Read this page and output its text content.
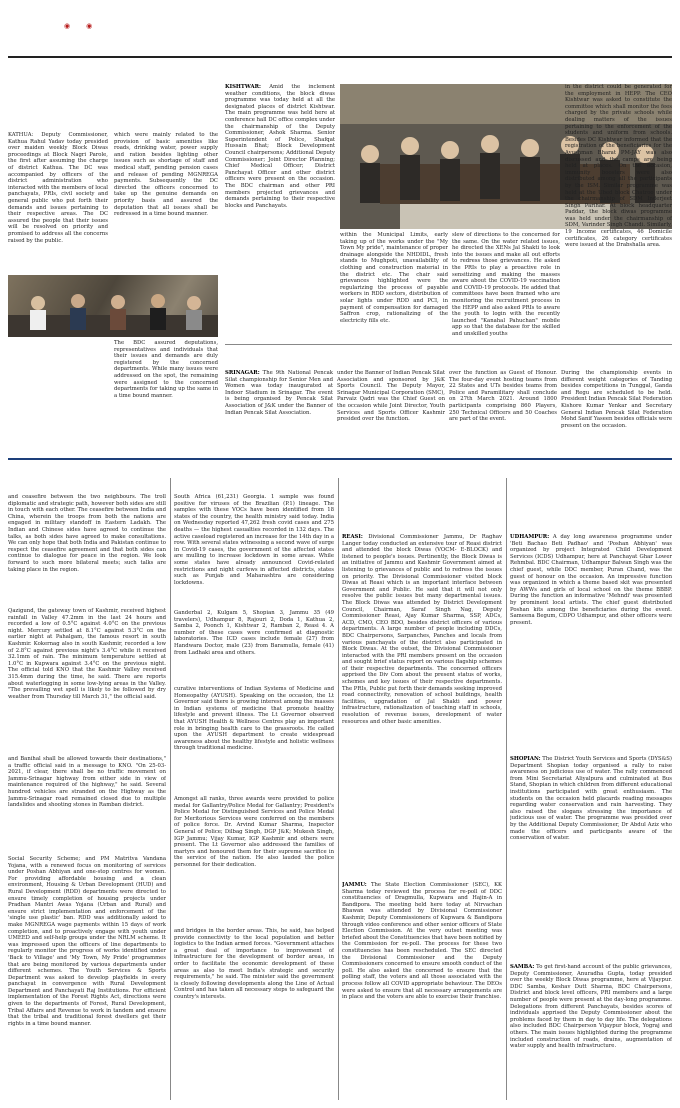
◉ ◉
KATHUA: Deputy Commissioner, Kathua Rahul Yadav today presided over maiden weekly Block Diwas proceedings at Block Nagri Parole, the first after assuming the charge of district Kathua. The DC was accompanied by officers of the district administration who interacted with the members of local panchayats, PRIs, civil society and general public who put forth their demands and issues pertaining to their respective areas. The DC assured the people that their issues will be resolved on priority and promised to address all the concerns raised by the public.
which were mainly related to the provision of basic amenities like roads, drinking water, power supply and ration besides lighting other issues such as shortage of staff and medical staff, pending pension cases and release of pending MGNREGA payments. Subsequently the DC directed the officers concerned to take up the genuine demands on priority basis and assured the deputation that all issues shall be redressed in a time bound manner.
The BDC assured deputations, representatives and individuals that their issues and demands are duly registered by the concerned departments. While many issues were addressed on the spot, the remaining were assigned to the concerned departments for taking up the same in a time bound manner.
KISHTWAR: Amid the inclement weather conditions, the block diwas programme was today held at all the designated places of district Kishtwar. The main programme was held here at conference hall DC office complex under the chairmanship of the Deputy Commissioner, Ashok Sharma. Senior Superintendent of Police, Shafqat Hussain Bhat; Block Development Council chairpersons; Additional Deputy Commissioner; Joint Director Planning; Chief Medical Officer; District Panchayat Officer and other district officers were present on the occasion. The BDC chairman and other PRI members projected grievances and demands pertaining to their respective blocks and Panchayats.
within the Municipal Limits, early taking up of the works under the "My Town My pride", maintenance of proper drainage alongside the NHDIDL, fresh stands to Mughpoti, unavailability of clothing and construction material in the district etc. The chair said grievances highlighted were the regularizing the process of payable workers in RDD sectors, distribution of solar lights under RDD and PCI, in payment of compensation for damaged Saffron crop, rationalizing of the electricity fills etc.
slew of directions to the concerned for the same. On the water related issues, he directed the XENs Jal Shakti to look into the issues and make all out efforts to redress those grievances. He asked the PRIs to play a proactive role in sensitizing and making the masses aware about the COVID-19 vaccination and COVID-19 protocols. He added that committees have been framed who are monitoring the recruitment process in the HEPP and also asked PRIs to aware the youth to login with the recently launched "Kanahal Pahuchan" mobile app so that the database for the skilled and unskilled youths
in the district could be generated for the employment in HEPP. The CEO Kishtwar was asked to constitute the committee which shall monitor the fees charged by the private schools while dealing matters of the issues pertaining to the enforcement of the students and uniform from schools. Besides DC Kishtwar informed that the registration of the beneficiaries for the Ayushman Bharat PM-JAY was also discussed and the camps are being held at places. On the occasion, immunity boosters were also distributed among all the participants by the ISM. Similar programme was held at the Ubed block Chatroo under the chairmanship of SDM Inderjeet Singh Parihar. At block headquarter Paddar, the block diwas programme was held under the chairmanship of SDM, Varinder Singh Chandi. Similarly, 19 Income certificates, 46 Domicile certificates, 26 category certificates were issued at the Drabshalla area.
SRINAGAR: The 9th National Pencak Silat championship for Senior Men and Women was today inaugurated at Indoor Stadium in Srinagar. The event is being organised by Pencak Silat Association of J&K under the Banner of Indian Pencak Silat Association.
under the Banner of Indian Pencak Silat Association and sponsored by J&K Sports Council. The Deputy Mayor, Srinagar Municipal Corporation (SMC), Parvaiz Qadri was the Chief Guest on the occasion while Joint Director, Youth Services and Sports Officer Kashmir presided over the function.
over the function as Guest of Honour. The four-day event hosting teams from 22 States and UTs besides teams from Police and Paramilitary shall conclude on 27th March 2021. Around 1800 participants comprising 860 Players, 250 Technical Officers and 50 Coaches are part of the event.
During the championship events in different weight categories of Tanding besides competitions in Tunggal, Ganda and Regu are scheduled to be held. President Indian Pencak Silat Federation Kishore Kumar Yenkar and Secretary General Indian Pencak Silat Federation Mohd Sanif Yaseen besides officials were present on the occasion.
and ceasefire between the two neighbours. The troll diplomatic and strategic path, however both sides are still in touch with each other. The ceasefire between India and China, wherein the troops from both the nations are engaged in military standoff in Eastern Ladakh. The Indian and Chinese sides have agreed to continue the talks, as both sides have agreed to make consultations. We can only hope that both India and Pakistan continue to respect the ceasefire agreement and that both sides can continue to dialogue for peace in the region. We look forward to such more bilateral meets; such talks are taking place in the region.
Qazigund, the gateway town of Kashmir, received highest rainfall in Valley 47.2mm in the last 24 hours and recorded a low of 0.5°C against 4.0°C on the previous night. Mercury settled at 8.1°C against 5.3°C on the earlier night at Pahalgam, the famous resort in south Kashmir. Kokernag also in south Kashmir, recorded a low of 2.8°C against previous night's 3.4°C while it received 32.1mm of rain. The minimum temperature settled at 1.0°C in Kupwara against 3.4°C on the previous night. The official told KNO that the Kashmir Valley received 315.4mm during the time, he said. There are reports about waterlogging in some low-lying areas in the Valley. "The prevailing wet spell is likely to be followed by dry weather from Thursday till March 31," the official said.
and Banihal shall be allowed towards their destinations," a traffic official said in a message to KNO. "On 25-03-2021, if clear, there shall be no traffic movement on Jammu-Srinagar highway from either side in view of maintenance required of the highway," he said. Several hundred vehicles are stranded on the Highway as the Jammu-Srinagar road remained closed due to multiple landslides and shooting stones in Ramban district.
Social Security Scheme; and PM Matritva Vandana Yojana, with a renewed focus on monitoring of services under Poshan Abhiyan and one-stop centres for women. For providing affordable housing and a clean environment, Housing & Urban Development (HUD) and Rural Development (RDD) departments were directed to ensure timely completion of housing projects under Pradhan Mantri Awas Yojana (Urban and Rural) and ensure strict implementation and enforcement of the 'single use plastic' ban. RDD was additionally asked to make MGNREGA wage payments within 15 days of work completion, and to proactively engage with youth under UMEED and self-help groups under the NRLM scheme. It was impressed upon the officers of line departments to regularly monitor the progress of works identified under 'Back to Village' and 'My Town, My Pride' programmes that are being monitored by various departments under different schemes. The Youth Services & Sports Department was asked to develop playfields in every panchayat in convergence with Rural Development Department and Panchayati Raj Institutions. For efficient implementation of the Forest Rights Act, directions were given to the departments of Forest, Rural Development, Tribal Affairs and Revenue to work in tandem and ensure that the tribal and traditional forest dwellers get their rights in a time bound manner.
South Africa (61,231) Georgia. 1 sample was found positive for viruses of the Brazilian (P.1) lineage. The samples with these VOCs have been identified from 18 states of the country, the health ministry said today. India on Wednesday reported 47,262 fresh covid cases and 275 deaths — the highest casualties recorded in 132 days. The active caseload registered an increase for the 14th day in a row. With several states witnessing a second wave of surge in Covid-19 cases, the government of the affected states are mulling to increase lockdown in some areas. While some states have already announced Covid-related restrictions and night curfews in affected districts, states such as Punjab and Maharashtra are considering lockdowns.
Ganderbal 2, Kulgam 5, Shopian 3, Jammu 35 (49 travelers), Udhampur 8, Rajouri 2, Doda 1, Kathua 2, Samba 2, Poonch 1, Kishtwar 2, Ramban 2, Reasi 4. A number of these cases were confirmed at diagnostic laboratories. The ICD cases include female (27) from Handwara Doctor, male (23) from Baramulla, female (41) from Ladhaki area and others.
curative interventions of Indian Systems of Medicine and Homeopathy (AYUSH). Speaking on the occasion, the Lt Governor said there is growing interest among the masses in Indian systems of medicine that promote healthy lifestyle and prevent illness. The Lt Governor observed that AYUSH Health & Wellness Centres play an important role in bringing health care to the grassroots. He called upon the AYUSH department to create widespread awareness about the healthy lifestyle and holistic wellness through traditional medicine.
Amongst all ranks, three awards were provided to police medal for Gallantry/Police Medal for Gallantry; President's Police Medal for Distinguished Services and Police Medal for Meritorious Services were conferred on the members of police force. Dr. Arvind Kumar Sharma, Inspector General of Police; Dilbag Singh, DGP J&K; Mukesh Singh, IGP Jammu; Vijay Kumar, IGP Kashmir and others were present. The Lt Governor also addressed the families of martyrs and honoured them for their supreme sacrifice in the service of the nation. He also lauded the police personnel for their dedication.
and bridges in the border areas. This, he said, has helped provide connectivity to the local population and better logistics to the Indian armed forces. "Government attaches a great deal of importance to improvement of infrastructure for the development of border areas, in order to facilitate the economic development of these areas as also to meet India's strategic and security requirements," he said. The minister said the government is closely following developments along the Line of Actual Control and has taken all necessary steps to safeguard the country's interests.
REASI: Divisional Commissioner Jammu, Dr Raghav Langer today conducted an extensive tour of Reasi district and attended the block Diwas (VOCM- E-BLOCK) and listened to people's issues. Pertinently, the Block Diwas is an initiative of Jammu and Kashmir Government aimed at listening to grievances of public and to redress the issues on priority. The Divisional Commissioner visited block Diwas at Reasi which is an important interface between Government and Public. He said that it will not only resolve the public issues but many departmental issues. The Block Diwas was attended by District Development Council, Chairman, Saraf Singh Nag, Deputy Commissioner Reasi, Ajay Kumar Sharma, SSP, ADCs, ACD, CMO, CEO BDO, besides district officers of various departments. A large number of people including DDCs, BDC Chairpersons, Sarpanches, Panches and locals from various panchayats of the district also participated in Block Diwas. At the outset, the Divisional Commissioner interacted with the PRI members present on the occasion and sought brief status report on various flagship schemes of their respective departments. The concerned officers apprised the Div Com about the present status of works, schemes and key issues of their respective departments. The PRIs, Public put forth their demands seeking improved road connectivity, renovation of school buildings, health facilities, upgradation of Jal Shakti and power infrastructure, rationalization of teaching staff in schools, resolution of revenue issues, development of water resources and other basic amenities.
JAMMU: The State Election Commissioner (SEC), KK Sharma today reviewed the process for re-poll of DDC constituencies of Dragmulla, Kupwara and Hajin-A in Bandipora. The meeting held here today at Nirvachan Bhawan was attended by Divisional Commissioner Kashmir, Deputy Commissioners of Kupwara & Bandipora through video conference and other senior officers of State Election Commission. At the very outset meeting was briefed about the Constituencies that have been notified by the Commission for re-poll. The process for these two constituencies has been rescheduled. The SEC directed the Divisional Commissioner and the Deputy Commissioners concerned to ensure smooth conduct of the poll. He also asked the concerned to ensure that the polling staff, the voters and all those associated with the process follow all COVID appropriate behaviour. The DEOs were asked to ensure that all necessary arrangements are in place and the voters are able to exercise their franchise.
UDHAMPUR: A day long awareness programme under 'Beti Bachao Beti Padhao' and 'Poshan Abhiyan' was organized by project Integrated Child Development Services (ICDS) Udhampur, here at Panchayat Ghar Lower Rehmbal. BDC Chairman, Udhampur Balwan Singh was the chief guest, while DDC member, Puran Chand, was the guest of honour on the occasion. An impressive function was organized in which a theme based skit was presented by AWWs and girls of local school on the theme BBBP. During the function an informative 'Mehndi' was presented by prominent local artists. The chief guest distributed Poshan kits among the beneficiaries during the event. Sameena Begum, CDPO Udhampur, and other officers were present.
SHOPIAN: The District Youth Services and Sports (DYS&S) Department Shopian today organised a rally to raise awareness on judicious use of water. The rally commenced from Mini Secretariat Aliyalpura and culminated at Bus Stand, Shopian in which children from different educational institutions participated with great enthusiasm. The students on the occasion held placards reading messages regarding water conservation and rain harvesting. They also raised the slogans stressing the importance of judicious use of water. The programme was presided over by the Additional Deputy Commissioner, Dr Abdul Aziz who made the officers and participants aware of the conservation of water.
SAMBA: To get first-hand account of the public grievances, Deputy Commissioner, Anuradha Gupta, today presided over the weekly Block Diwas programme, here at Vijaypur. DDC Samba, Keshav Dutt Sharma, BDC Chairpersons, District and block level officers, PRI members and a large number of people were present at the day-long programme. Delegations from different Panchayats, besides scores of individuals apprised the Deputy Commissioner about the problems faced by them in day to day life. The delegations also included BDC Chairperson Vijaypur block, Yograj and others. The main issues highlighted during the programme included construction of roads, drains, augmentation of water supply and health infrastructure.
